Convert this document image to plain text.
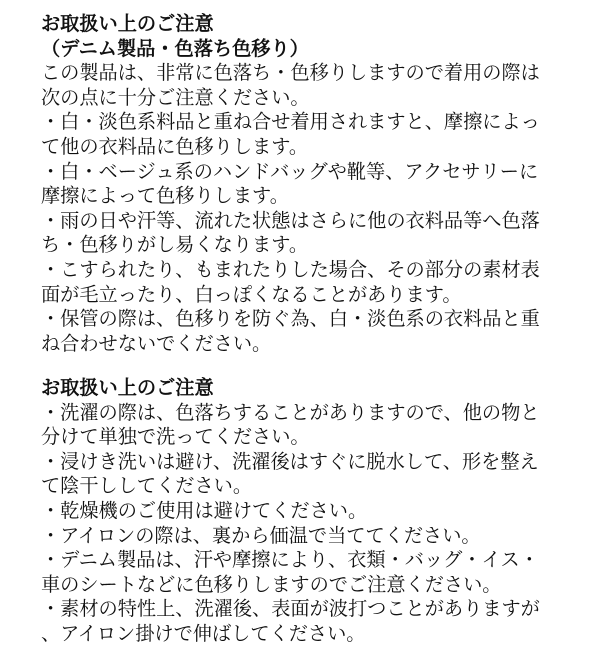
お取扱い上のご注意
（デニム製品・色落ち色移り）
この製品は、非常に色落ち・色移りしますので着用の際は
次の点に十分ご注意ください。
・白・淡色系料品と重ね合せ着用されますと、摩擦によっ
て他の衣料品に色移りします。
・白・ベージュ系のハンドバッグや靴等、アクセサリーに
摩擦によって色移りします。
・雨の日や汗等、流れた状態はさらに他の衣料品等へ色落
ち・色移りがし易くなります。
・こすられたり、もまれたりした場合、その部分の素材表
面が毛立ったり、白っぽくなることがあります。
・保管の際は、色移りを防ぐ為、白・淡色系の衣料品と重
ね合わせないでください。
お取扱い上のご注意
・洗濯の際は、色落ちすることがありますので、他の物と
分けて単独で洗ってください。
・浸けき洗いは避け、洗濯後はすぐに脱水して、形を整え
て陰干ししてください。
・乾燥機のご使用は避けてください。
・アイロンの際は、裏から価温で当ててください。
・デニム製品は、汗や摩擦により、衣類・バッグ・イス・
車のシートなどに色移りしますのでご注意ください。
・素材の特性上、洗濯後、表面が波打つことがありますが
、アイロン掛けで伸ばしてください。
